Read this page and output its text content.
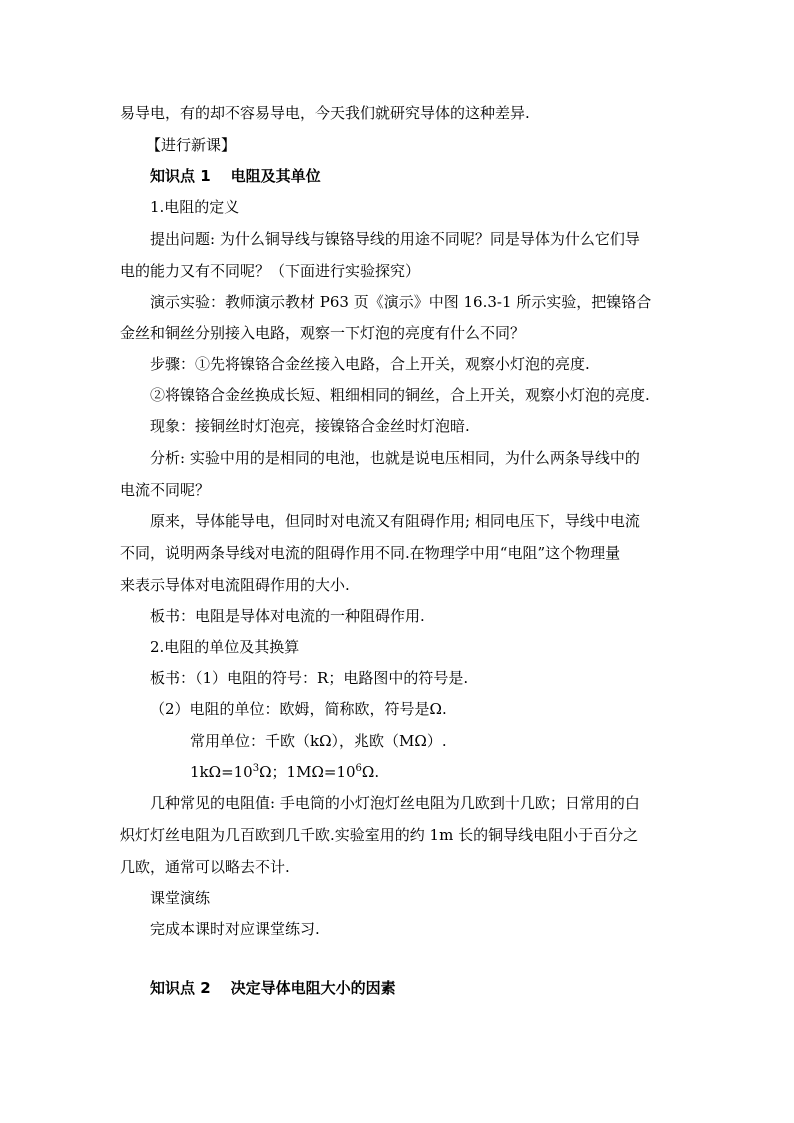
易导电，有的却不容易导电，今天我们就研究导体的这种差异.

【进行新课】

知识点 1 电阻及其单位

1.电阻的定义

提出问题: 为什么铜导线与镍铬导线的用途不同呢？同是导体为什么它们导

电的能力又有不同呢？（下面进行实验探究）

演示实验：教师演示教材 P63 页《演示》中图 16.3-1 所示实验，把镍铬合

金丝和铜丝分别接入电路，观察一下灯泡的亮度有什么不同？

步骤：①先将镍铬合金丝接入电路，合上开关，观察小灯泡的亮度.

②将镍铬合金丝换成长短、粗细相同的铜丝，合上开关，观察小灯泡的亮度.

现象：接铜丝时灯泡亮，接镍铬合金丝时灯泡暗.

分析: 实验中用的是相同的电池，也就是说电压相同，为什么两条导线中的

电流不同呢？

原来，导体能导电，但同时对电流又有阻碍作用; 相同电压下，导线中电流

不同，说明两条导线对电流的阻碍作用不同.在物理学中用“电阻”这个物理量

来表示导体对电流阻碍作用的大小.

板书：电阻是导体对电流的一种阻碍作用.

2.电阻的单位及其换算

板书：（1）电阻的符号：R；电路图中的符号是.

（2）电阻的单位：欧姆，简称欧，符号是Ω.

常用单位：千欧（kΩ），兆欧（MΩ）.

$1k\Omega=10^3\Omega$；$1M\Omega=10^6\Omega$.

几种常见的电阻值: 手电筒的小灯泡灯丝电阻为几欧到十几欧；日常用的白

炽灯灯丝电阻为几百欧到几千欧.实验室用的约 1m 长的铜导线电阻小于百分之

几欧，通常可以略去不计.

课堂演练

完成本课时对应课堂练习.

知识点 2 决定导体电阻大小的因素
